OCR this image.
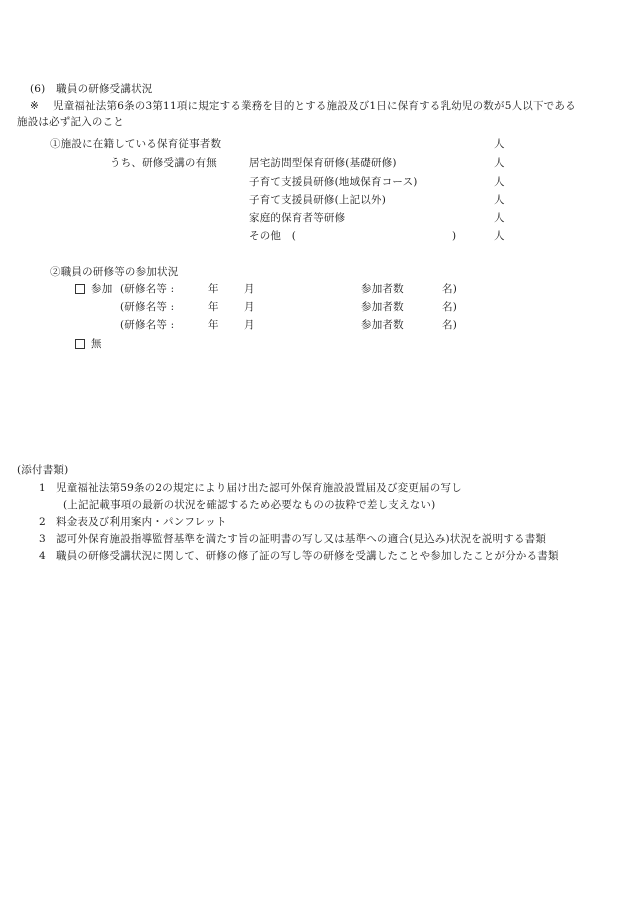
(6)　職員の研修受講状況
※ 児童福祉法第6条の3第11項に規定する業務を目的とする施設及び1日に保育する乳幼児の数が5人以下である
施設は必ず記入のこと
①施設に在籍している保育従事者数	人
うち、研修受講の有無	居宅訪問型保育研修(基礎研修)	人
子育て支援員研修(地域保育コース)	人
子育て支援員研修(上記以外)	人
家庭的保育者等研修	人
その他　(	)	人
②職員の研修等の参加状況
参加 (研修名等 :	年 月	参加者数	名)
(研修名等 :	年 月	参加者数	名)
(研修名等 :	年 月	参加者数	名)
無
(添付書類)
1 児童福祉法第59条の2の規定により届け出た認可外保育施設設置届及び変更届の写し
(上記記載事項の最新の状況を確認するため必要なものの抜粋で差し支えない)
2 料金表及び利用案内・パンフレット
3 認可外保育施設指導監督基準を満たす旨の証明書の写し又は基準への適合(見込み)状況を説明する書類
4 職員の研修受講状況に関して、研修の修了証の写し等の研修を受講したことや参加したことが分かる書類
